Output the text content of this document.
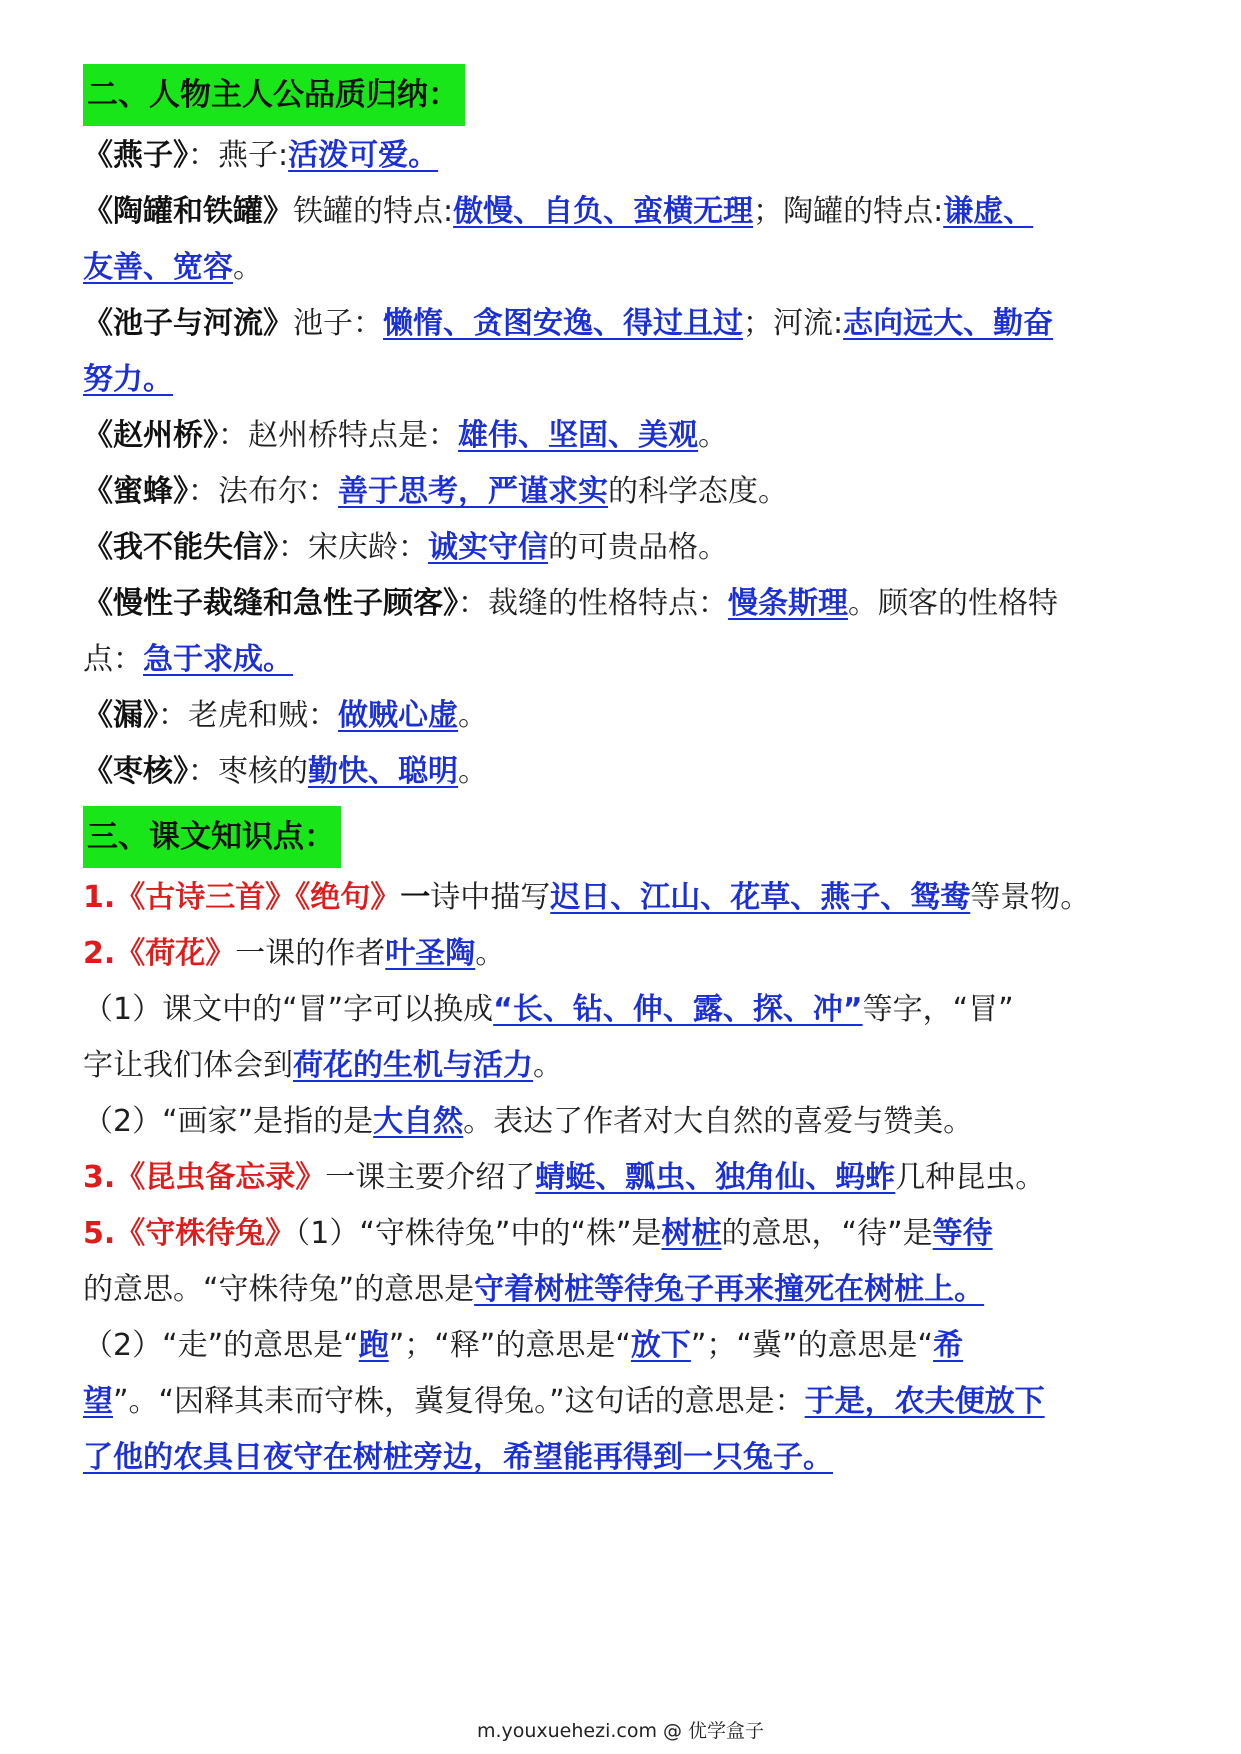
二、人物主人公品质归纳：
《燕子》：燕子:活泼可爱。
《陶罐和铁罐》铁罐的特点:傲慢、自负、蛮横无理；陶罐的特点:谦虚、
友善、宽容。
《池子与河流》池子：懒惰、贪图安逸、得过且过；河流:志向远大、勤奋
努力。
《赵州桥》：赵州桥特点是：雄伟、坚固、美观。
《蜜蜂》：法布尔：善于思考，严谨求实的科学态度。
《我不能失信》：宋庆龄：诚实守信的可贵品格。
《慢性子裁缝和急性子顾客》：裁缝的性格特点：慢条斯理。顾客的性格特
点：急于求成。
《漏》：老虎和贼：做贼心虚。
《枣核》：枣核的勤快、聪明。
三、课文知识点：
1.《古诗三首》《绝句》一诗中描写迟日、江山、花草、燕子、鸳鸯等景物。
2.《荷花》一课的作者叶圣陶。
（1）课文中的“冒”字可以换成“长、钻、伸、露、探、冲”等字，“冒”
字让我们体会到荷花的生机与活力。
（2）“画家”是指的是大自然。表达了作者对大自然的喜爱与赞美。
3.《昆虫备忘录》一课主要介绍了蜻蜓、瓢虫、独角仙、蚂蚱几种昆虫。
5.《守株待兔》（1）“守株待兔”中的“株”是树桩的意思，“待”是等待
的意思。“守株待兔”的意思是守着树桩等待兔子再来撞死在树桩上。
（2）“走”的意思是“跑”；“释”的意思是“放下”；“冀”的意思是“希
望”。“因释其耒而守株，冀复得兔。”这句话的意思是：于是，农夫便放下
了他的农具日夜守在树桩旁边，希望能再得到一只兔子。
m.youxuehezi.com @ 优学盒子
